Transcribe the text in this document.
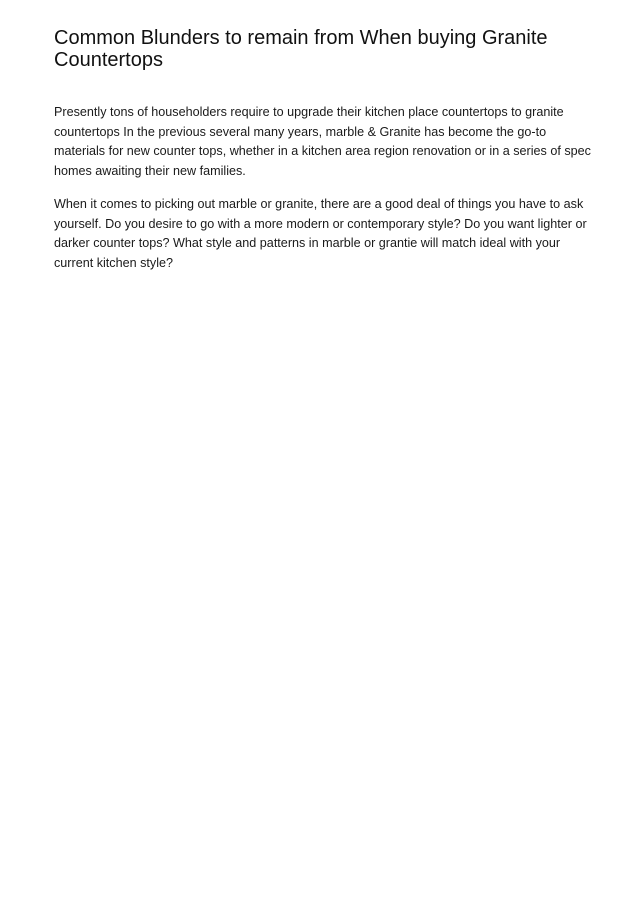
Common Blunders to remain from When buying Granite Countertops

Presently tons of householders require to upgrade their kitchen place countertops to granite countertops In the previous several many years, marble & Granite has become the go-to materials for new counter tops, whether in a kitchen area region renovation or in a series of spec homes awaiting their new families.

When it comes to picking out marble or granite, there are a good deal of things you have to ask yourself. Do you desire to go with a more modern or contemporary style? Do you want lighter or darker counter tops? What style and patterns in marble or grantie will match ideal with your current kitchen style?
